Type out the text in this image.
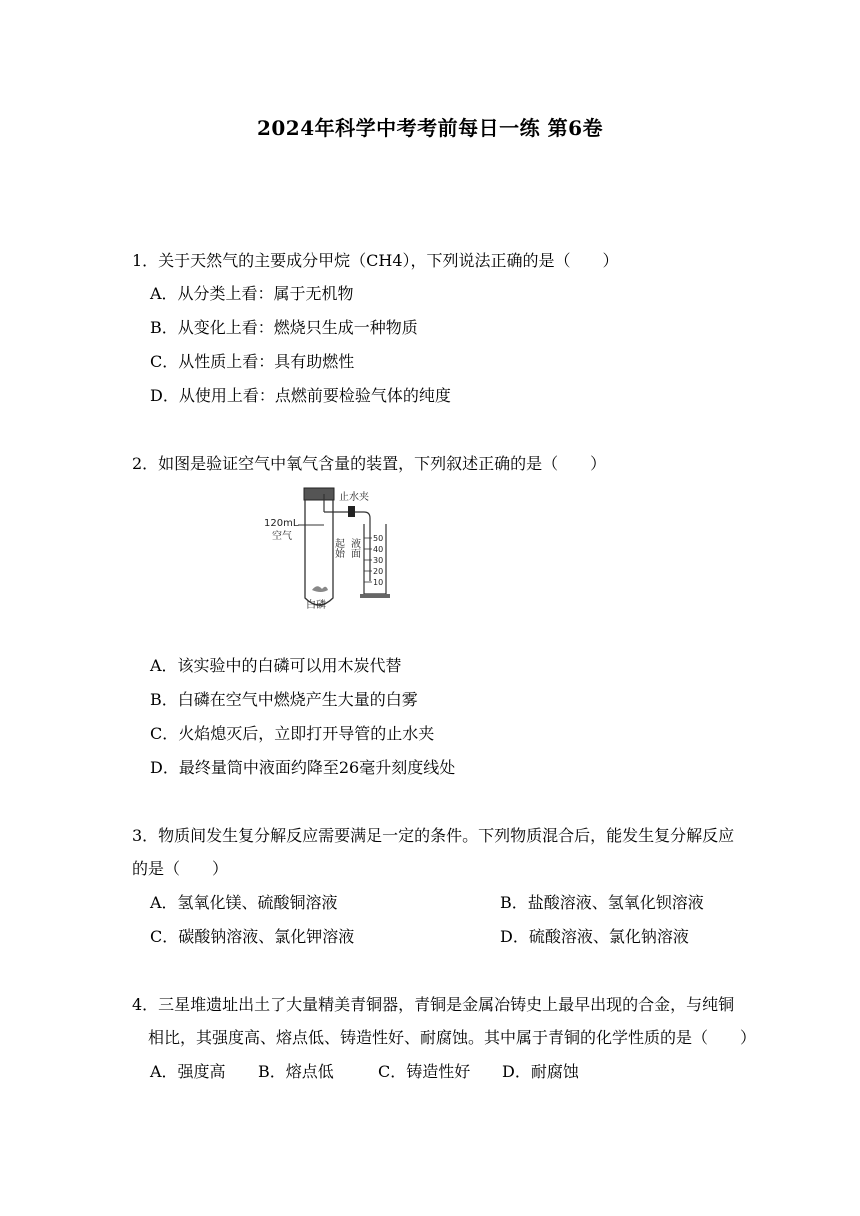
2024年科学中考考前每日一练 第6卷
1．关于天然气的主要成分甲烷（CH4），下列说法正确的是（　　）
A．从分类上看：属于无机物
B．从变化上看：燃烧只生成一种物质
C．从性质上看：具有助燃性
D．从使用上看：点燃前要检验气体的纯度
2．如图是验证空气中氧气含量的装置，下列叙述正确的是（　　）
120mL
空气
白磷
止水夹
起始 液面 50
40
30
20
10
A．该实验中的白磷可以用木炭代替
B．白磷在空气中燃烧产生大量的白雾
C．火焰熄灭后，立即打开导管的止水夹
D．最终量筒中液面约降至26毫升刻度线处
3．物质间发生复分解反应需要满足一定的条件。下列物质混合后，能发生复分解反应
的是（　　）
A．氢氧化镁、硫酸铜溶液	B．盐酸溶液、氢氧化钡溶液
C．碳酸钠溶液、氯化钾溶液	D．硫酸溶液、氯化钠溶液
4．三星堆遗址出土了大量精美青铜器，青铜是金属冶铸史上最早出现的合金，与纯铜
相比，其强度高、熔点低、铸造性好、耐腐蚀。其中属于青铜的化学性质的是（　　）
A．强度高 B．熔点低	C．铸造性好 D．耐腐蚀
